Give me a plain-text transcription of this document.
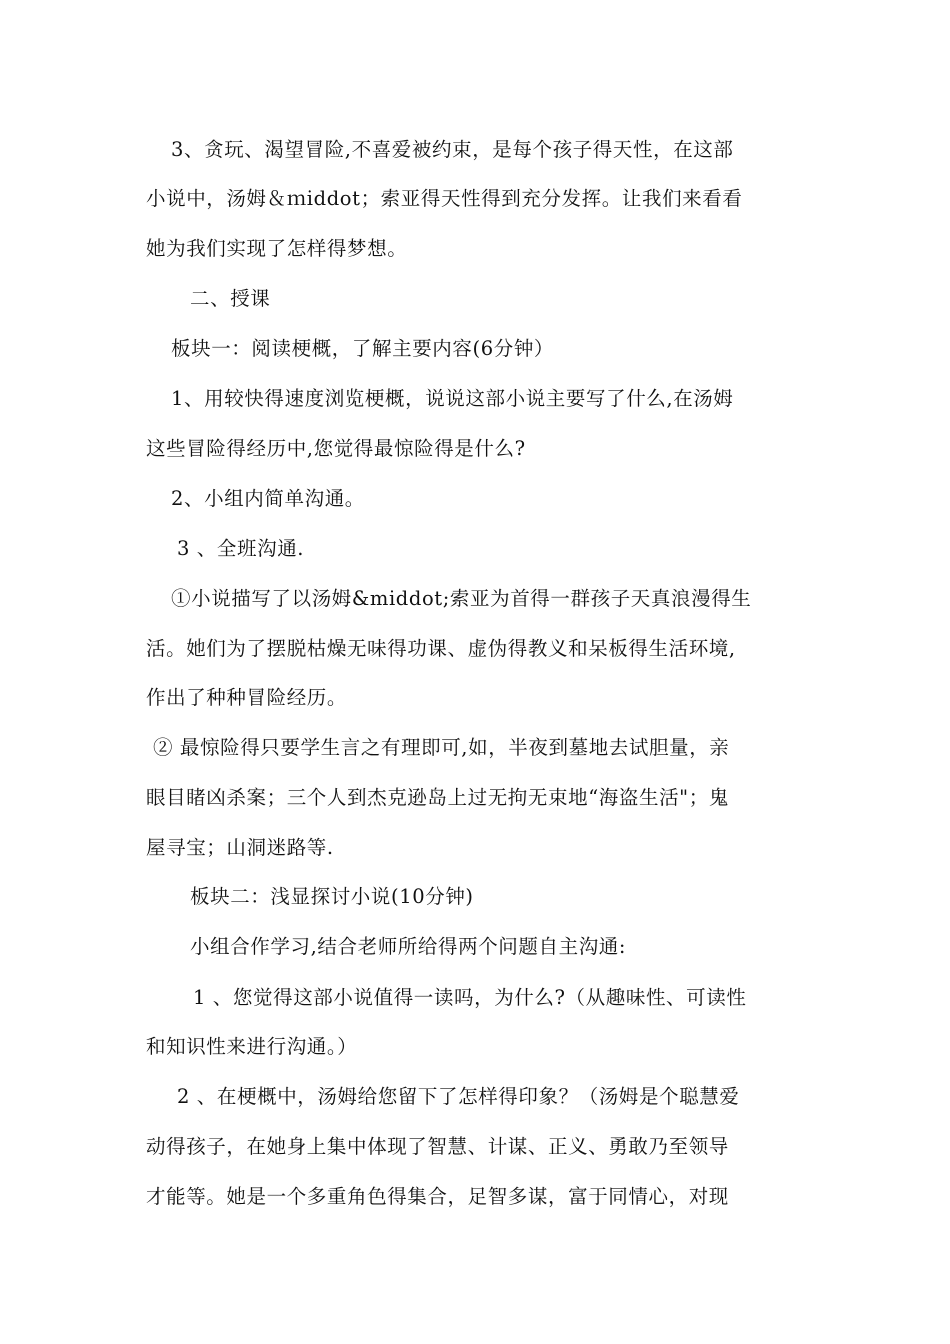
3、贪玩、渴望冒险,不喜爱被约束，是每个孩子得天性，在这部
小说中，汤姆＆ｍiddot；索亚得天性得到充分发挥。让我们来看看
她为我们实现了怎样得梦想。
二、授课
板块一：阅读梗概，了解主要内容(6分钟）
1、用较快得速度浏览梗概，说说这部小说主要写了什么,在汤姆
这些冒险得经历中,您觉得最惊险得是什么?
2、小组内简单沟通。
3 、全班沟通.
①小说描写了以汤姆&middot;索亚为首得一群孩子天真浪漫得生
活。她们为了摆脱枯燥无味得功课、虚伪得教义和呆板得生活环境,
作出了种种冒险经历。
② 最惊险得只要学生言之有理即可,如，半夜到墓地去试胆量，亲
眼目睹凶杀案；三个人到杰克逊岛上过无拘无束地“海盗生活"；鬼
屋寻宝；山洞迷路等.
板块二：浅显探讨小说(10分钟)
小组合作学习,结合老师所给得两个问题自主沟通:
1 、您觉得这部小说值得一读吗，为什么?（从趣味性、可读性
和知识性来进行沟通。）
2 、在梗概中，汤姆给您留下了怎样得印象？（汤姆是个聪慧爱
动得孩子，在她身上集中体现了智慧、计谋、正义、勇敢乃至领导
才能等。她是一个多重角色得集合，足智多谋，富于同情心，对现
